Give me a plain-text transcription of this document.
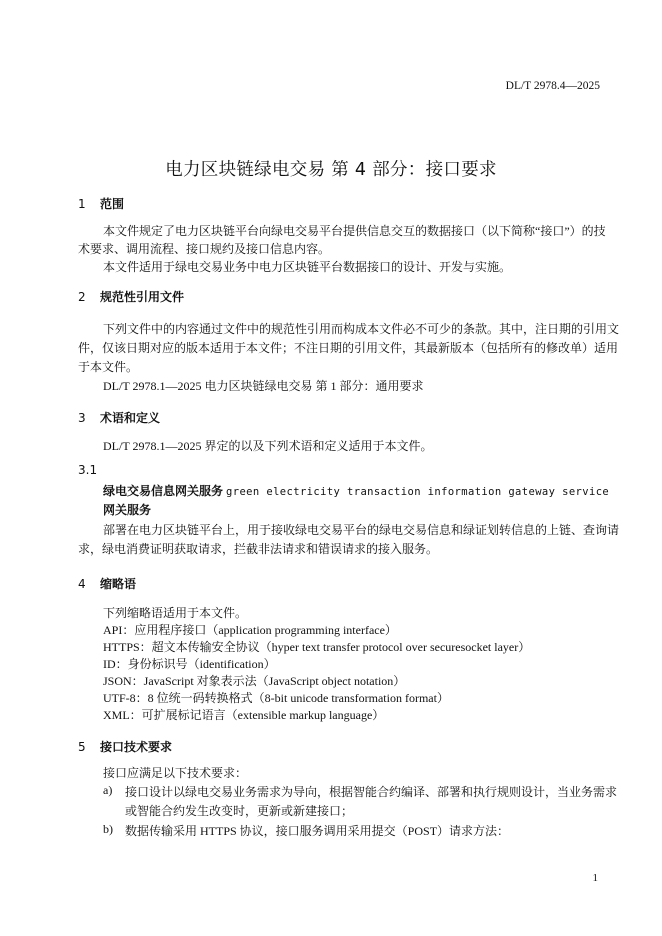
DL/T 2978.4—2025
电力区块链绿电交易 第 4 部分：接口要求
1 范围
本文件规定了电力区块链平台向绿电交易平台提供信息交互的数据接口（以下简称“接口”）的技
术要求、调用流程、接口规约及接口信息内容。
本文件适用于绿电交易业务中电力区块链平台数据接口的设计、开发与实施。
2 规范性引用文件
下列文件中的内容通过文件中的规范性引用而构成本文件必不可少的条款。其中，注日期的引用文
件，仅该日期对应的版本适用于本文件；不注日期的引用文件，其最新版本（包括所有的修改单）适用
于本文件。
DL/T 2978.1—2025 电力区块链绿电交易 第 1 部分：通用要求
3 术语和定义
DL/T 2978.1—2025 界定的以及下列术语和定义适用于本文件。
3.1
绿电交易信息网关服务 green electricity transaction information gateway service
网关服务
部署在电力区块链平台上，用于接收绿电交易平台的绿电交易信息和绿证划转信息的上链、查询请
求，绿电消费证明获取请求，拦截非法请求和错误请求的接入服务。
4 缩略语
下列缩略语适用于本文件。
API：应用程序接口（application programming interface）
HTTPS：超文本传输安全协议（hyper text transfer protocol over securesocket layer）
ID：身份标识号（identification）
JSON：JavaScript 对象表示法（JavaScript object notation）
UTF-8：8 位统一码转换格式（8-bit unicode transformation format）
XML：可扩展标记语言（extensible markup language）
5 接口技术要求
接口应满足以下技术要求：
a) 接口设计以绿电交易业务需求为导向，根据智能合约编译、部署和执行规则设计，当业务需求
或智能合约发生改变时，更新或新建接口；
b) 数据传输采用 HTTPS 协议，接口服务调用采用提交（POST）请求方法：
1
